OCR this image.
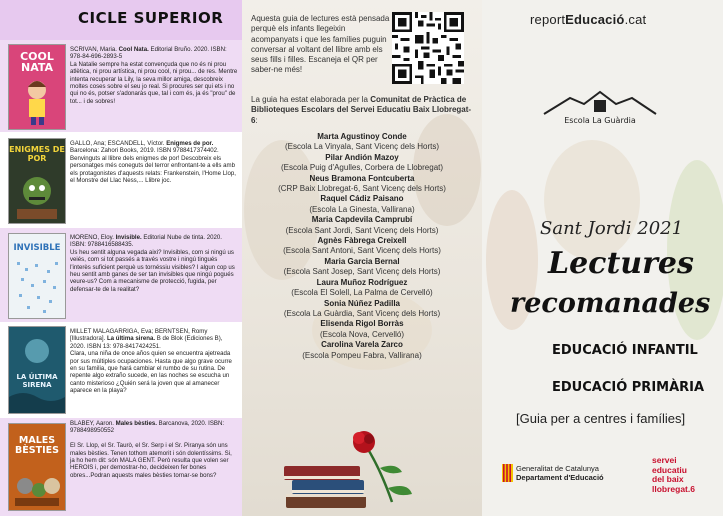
CICLE SUPERIOR
COOL NATA
SCRIVAN, Maria. Cool Nata. Editorial Bruño. 2020. ISBN: 978-84-696-2893-5
La Natalie sempre ha estat convençuda que no és ni prou atlètica, ni prou artística, ni prou cool, ni prou... de res. Mentre intenta recuperar la Lily, la seva millor amiga, descobreix moltes coses sobre el seu jo real. Si procures ser qui ets i no qui no és, potser s'adonaràs que, tal i com és, ja és "prou" de tot... i de sobres!
ENIGMES DE POR
GALLO, Ana; ESCANDELL, Víctor. Enigmes de por. Barcelona: Zahori Books, 2019. ISBN 9788417374402.
Benvinguts al llibre dels enigmes de por! Descobreix els personatges més coneguts del terror enfrontant-te a ells amb els protagonistes d'aquests relats: Frankenstein, l'Home Llop, el Monstre del Llac Ness,... Llibre joc.
INVISIBLE
MORENO, Eloy. Invisible. Editorial Nube de tinta. 2020. ISBN: 9788416588435.
Us heu sentit alguna vegada aixi? Invisibles, com si ningú us veiés, com si tot passés a través vostre i ningú tingués l'interès suficient perquè us tornéssiu visibles? I algun cop us heu sentit amb ganes de ser tan invisibles que ningú pogués veure-us? Com a mecanisme de protecció, fugida, per defensar-te de la realitat?
LA ÚLTIMA SIRENA
MILLET MALAGARRIGA, Eva; BERNTSEN, Romy [Illustradora]. La última sirena. B de Blok (Ediciones B), 2020. ISBN 13: 978-8417424251.
Clara, una niña de once años quien se encuentra ajetreada por sus múltiples ocupaciones. Hasta que algo grave ocurre en su familia, que hará cambiar el rumbo de su rutina. De repente algo extraño sucede, en las noches se escucha un canto misterioso ¿Quién será la joven que al amanecer aparece en la playa?
MALES BÈSTIES
BLABEY, Aaron. Males bèsties. Barcanova, 2020. ISBN: 9788498950552

El Sr. Llop, el Sr. Taurò, el Sr. Serp i el Sr. Piranya són uns males bèsties. Tenen tothom atemorit i són dolentíssims. Si, ja ho hem dit: són MALA GENT. Però resulta que volen ser HEROIS i, per demostrar-ho, decideixen fer bones obres...Podran aquests males bèsties tornar-se bons?
Aquesta guia de lectures està pensada perquè els infants llegeixin acompanyats i que les famílies puguin conversar al voltant del llibre amb els seus fills i filles. Escaneja el QR per saber-ne més!
La guia ha estat elaborada per la Comunitat de Pràctica de Biblioteques Escolars del Servei Educatiu Baix Llobregat-6:
Marta Agustinoy Conde
(Escola La Vinyala, Sant Vicenç dels Horts)
Pilar Andión Mazoy
(Escola Puig d'Agulles, Corbera de Llobregat)
Neus Bramona Fontcuberta
(CRP Baix Llobregat-6, Sant Vicenç dels Horts)
Raquel Cádiz Paisano
(Escola La Ginesta, Vallirana)
Maria Capdevila Camprubí
(Escola Sant Jordi, Sant Vicenç dels Horts)
Agnès Fàbrega Creixell
(Escola Sant Antoni, Sant Vicenç dels Horts)
Maria Garcia Bernal
(Escola Sant Josep, Sant Vicenç dels Horts)
Laura Muñoz Rodríguez
(Escola El Solell, La Palma de Cervelló)
Sonia Núñez Padilla
(Escola La Guàrdia, Sant Vicenç dels Horts)
Elisenda Rigol Borràs
(Escola Nova, Cervelló)
Carolina Varela Zarco
(Escola Pompeu Fabra, Vallirana)
reportEducació.cat
Escola La Guàrdia
Sant Jordi 2021
Lectures
recomanades
EDUCACIÓ INFANTIL
EDUCACIÓ PRIMÀRIA
[Guia per a centres i famílies]
Generalitat de Catalunya
Departament d'Educació
servei
educatiu
del baix
llobregat.6
